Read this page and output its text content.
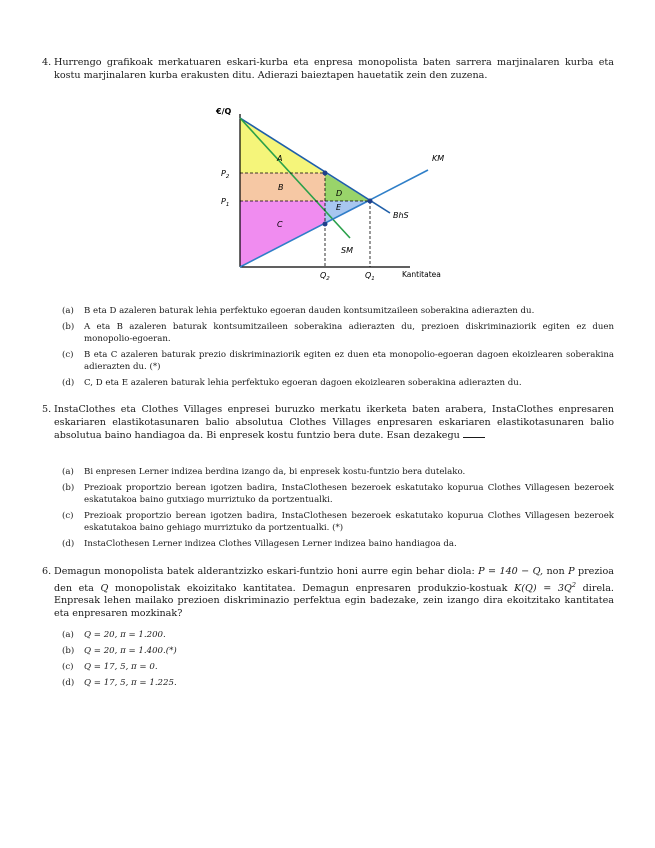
4. Hurrengo grafikoak merkatuaren eskari-kurba eta enpresa monopolista baten sarrera marjinalaren kurba eta kostu marjinalaren kurba erakusten ditu. Adierazi baieztapen hauetatik zein den zuzena.
€/Q
Kantitatea
KM
BhS
SM
$P_2$
$P_1$
$Q_2$	$Q_1$
A
B
C
D
E
(a) B eta D azaleren baturak lehia perfektuko egoeran dauden kontsumitzaileen soberakina adierazten du.
(b) A eta B azaleren baturak kontsumitzaileen soberakina adierazten du, prezioen diskriminaziorik egiten ez duen monopolio-egoeran.
(c) B eta C azaleren baturak prezio diskriminaziorik egiten ez duen eta monopolio-egoeran dagoen ekoizlearen soberakina adierazten du. (*)
(d) C, D eta E azaleren baturak lehia perfektuko egoeran dagoen ekoizlearen soberakina adierazten du.
5. InstaClothes eta Clothes Villages enpresei buruzko merkatu ikerketa baten arabera, InstaClothes enpresaren eskariaren elastikotasunaren balio absolutua Clothes Villages enpresaren eskariaren elastikotasunaren balio absolutua baino handiagoa da. Bi enpresek kostu funtzio bera dute. Esan dezakegu
(a) Bi enpresen Lerner indizea berdina izango da, bi enpresek kostu-funtzio bera dutelako.
(b) Prezioak proportzio berean igotzen badira, InstaClothesen bezeroek eskatutako kopurua Clothes Villagesen bezeroek eskatutakoa baino gutxiago murriztuko da portzentualki.
(c) Prezioak proportzio berean igotzen badira, InstaClothesen bezeroek eskatutako kopurua Clothes Villagesen bezeroek eskatutakoa baino gehiago murriztuko da portzentualki. (*)
(d) InstaClothesen Lerner indizea Clothes Villagesen Lerner indizea baino handiagoa da.
6. Demagun monopolista batek alderantzizko eskari-funtzio honi aurre egin behar diola: P = 140 − Q, non P prezioa den eta Q monopolistak ekoizitako kantitatea. Demagun enpresaren produkzio-kostuak $K(Q) = 3Q^2$ direla. Enpresak lehen mailako prezioen diskriminazio perfektua egin badezake, zein izango dira ekoitzitako kantitatea eta enpresaren mozkinak?
(a) Q = 20, π = 1.200.
(b) Q = 20, π = 1.400.(*)
(c) Q = 17, 5, π = 0.
(d) Q = 17, 5, π = 1.225.
